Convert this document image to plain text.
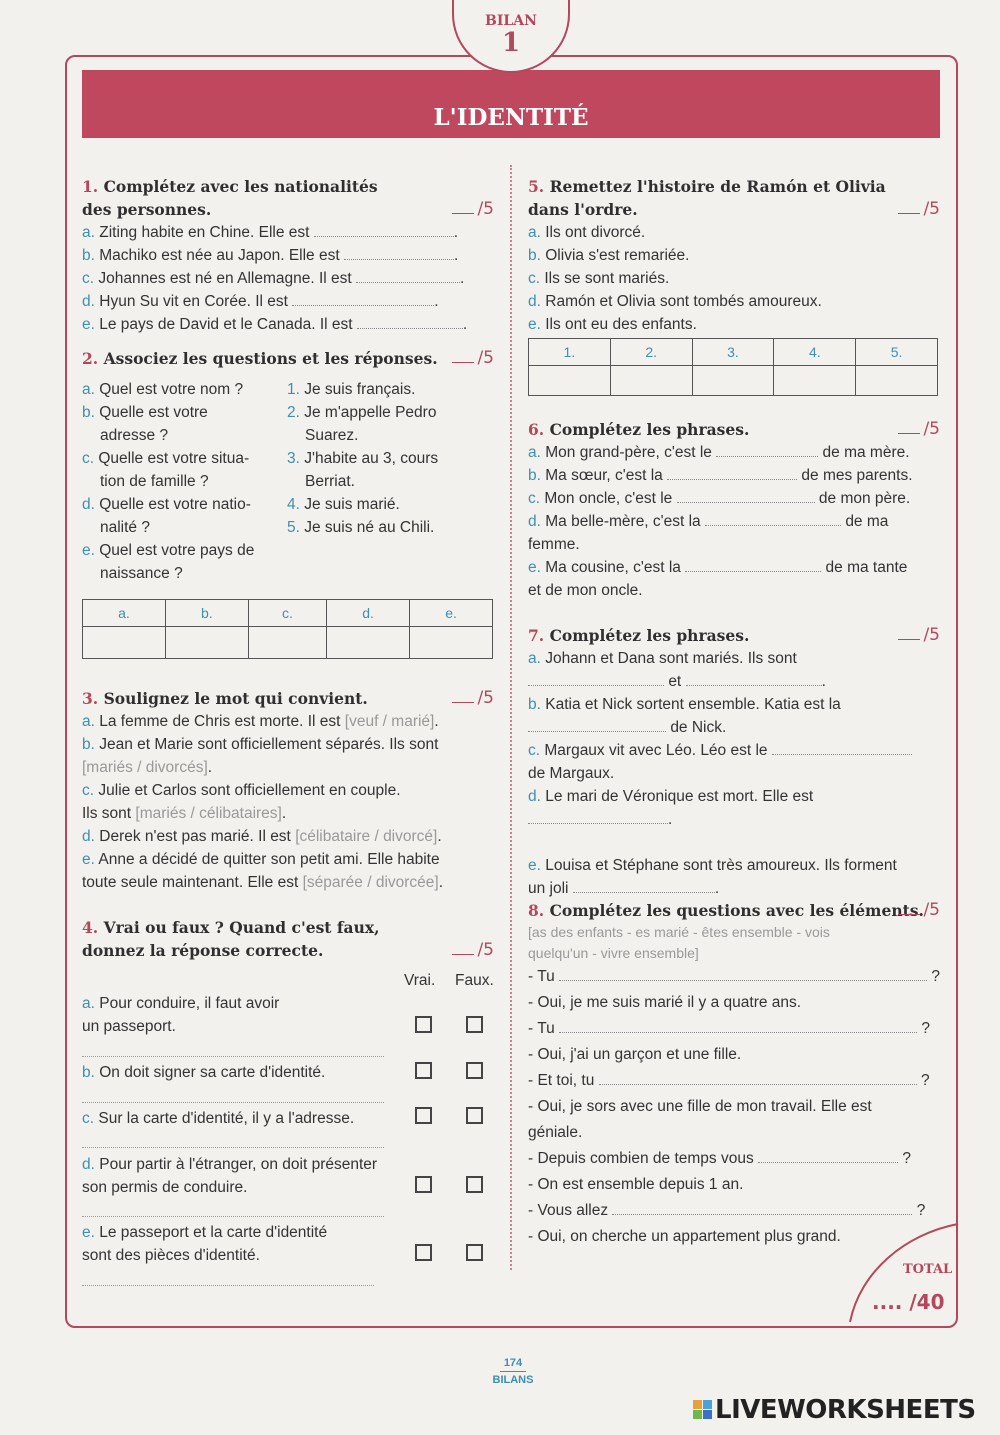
BILAN
1
L'IDENTITÉ
1. Complétez avec les nationalités
des personnes.	/5
a. Ziting habite en Chine. Elle est	.
b. Machiko est née au Japon. Elle est	.
c. Johannes est né en Allemagne. Il est	.
d. Hyun Su vit en Corée. Il est	.
e. Le pays de David et le Canada. Il est	.
2. Associez les questions et les réponses.	/5
a. Quel est votre nom ?
b. Quelle est votre
adresse ?
c. Quelle est votre situa-
tion de famille ?
d. Quelle est votre natio-
nalité ?
e. Quel est votre pays de
naissance ?
1. Je suis français.
2. Je m'appelle Pedro
Suarez.
3. J'habite au 3, cours
Berriat.
4. Je suis marié.
5. Je suis né au Chili.
a.	b.	c.	d.	e.

3. Soulignez le mot qui convient.	/5
a. La femme de Chris est morte. Il est [veuf / marié].
b. Jean et Marie sont officiellement séparés. Ils sont
[mariés / divorcés].
c. Julie et Carlos sont officiellement en couple.
Ils sont [mariés / célibataires].
d. Derek n'est pas marié. Il est [célibataire / divorcé].
e. Anne a décidé de quitter son petit ami. Elle habite
toute seule maintenant. Elle est [séparée / divorcée].
4. Vrai ou faux ? Quand c'est faux,
donnez la réponse correcte.	/5
Vrai. Faux.
a. Pour conduire, il faut avoir
un passeport.
b. On doit signer sa carte d'identité.
c. Sur la carte d'identité, il y a l'adresse.
d. Pour partir à l'étranger, on doit présenter
son permis de conduire.
e. Le passeport et la carte d'identité
sont des pièces d'identité.
5. Remettez l'histoire de Ramón et Olivia
dans l'ordre.	/5
a. Ils ont divorcé.
b. Olivia s'est remariée.
c. Ils se sont mariés.
d. Ramón et Olivia sont tombés amoureux.
e. Ils ont eu des enfants.
1.	2.	3.	4.	5.

6. Complétez les phrases.	/5
a. Mon grand-père, c'est le	de ma mère.
b. Ma sœur, c'est la	de mes parents.
c. Mon oncle, c'est le	de mon père.
d. Ma belle-mère, c'est la	de ma
femme.
e. Ma cousine, c'est la	de ma tante
et de mon oncle.
7. Complétez les phrases.	/5
a. Johann et Dana sont mariés. Ils sont
et	.
b. Katia et Nick sortent ensemble. Katia est la
de Nick.
c. Margaux vit avec Léo. Léo est le
de Margaux.
d. Le mari de Véronique est mort. Elle est
.
e. Louisa et Stéphane sont très amoureux. Ils forment
un joli	.
8. Complétez les questions avec les éléments. /5
[as des enfants - es marié - êtes ensemble - vois
quelqu'un - vivre ensemble]
- Tu	?
- Oui, je me suis marié il y a quatre ans.
- Tu	?
- Oui, j'ai un garçon et une fille.
- Et toi, tu	?
- Oui, je sors avec une fille de mon travail. Elle est
géniale.
- Depuis combien de temps vous	?
- On est ensemble depuis 1 an.
- Vous allez	?
- Oui, on cherche un appartement plus grand.
TOTAL
.... /40
174
BILANS
LIVEWORKSHEETS
